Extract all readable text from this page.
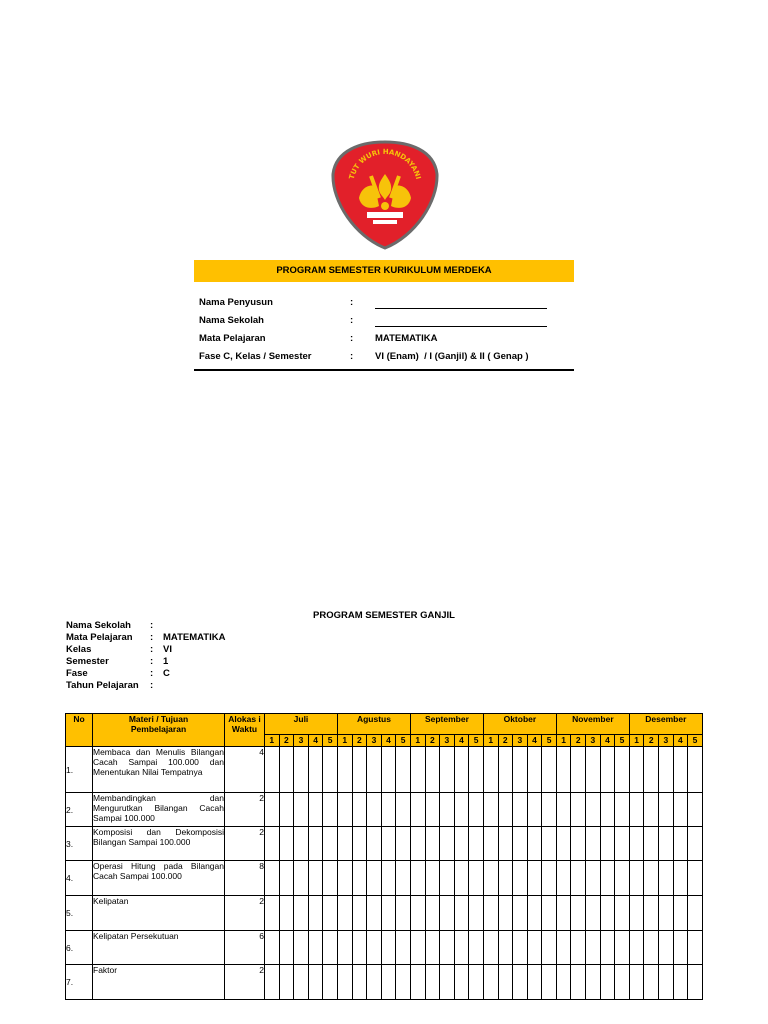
TUT WURI HANDAYANI
PROGRAM SEMESTER KURIKULUM MERDEKA
Nama Penyusun	:
Nama Sekolah	:
Mata Pelajaran	: MATEMATIKA
Fase C, Kelas / Semester	: VI (Enam)  / I (Ganjil) & II ( Genap )
PROGRAM SEMESTER GANJIL
Nama Sekolah :
Mata Pelajaran : MATEMATIKA
Kelas	: VI
Semester	: 1
Fase	: C
Tahun Pelajaran :
No	Materi / Tujuan Pembelajaran	Alokas i Waktu	Juli					Agustus					September					Oktober					November					Desember				
			1	2	3	4	5	1	2	3	4	5	1	2	3	4	5	1	2	3	4	5	1	2	3	4	5	1	2	3	4	5
1.	Membaca dan Menulis Bilangan Cacah Sampai 100.000 dan Menentukan Nilai Tempatnya	4																														
2.	Membandingkan dan Mengurutkan Bilangan Cacah Sampai 100.000	2																														
3.	Komposisi dan Dekomposisi Bilangan Sampai 100.000	2																														
4.	Operasi Hitung pada Bilangan Cacah Sampai 100.000	8																														
5.	Kelipatan	2																														
6.	Kelipatan Persekutuan	6																														
7.	Faktor	2																														
